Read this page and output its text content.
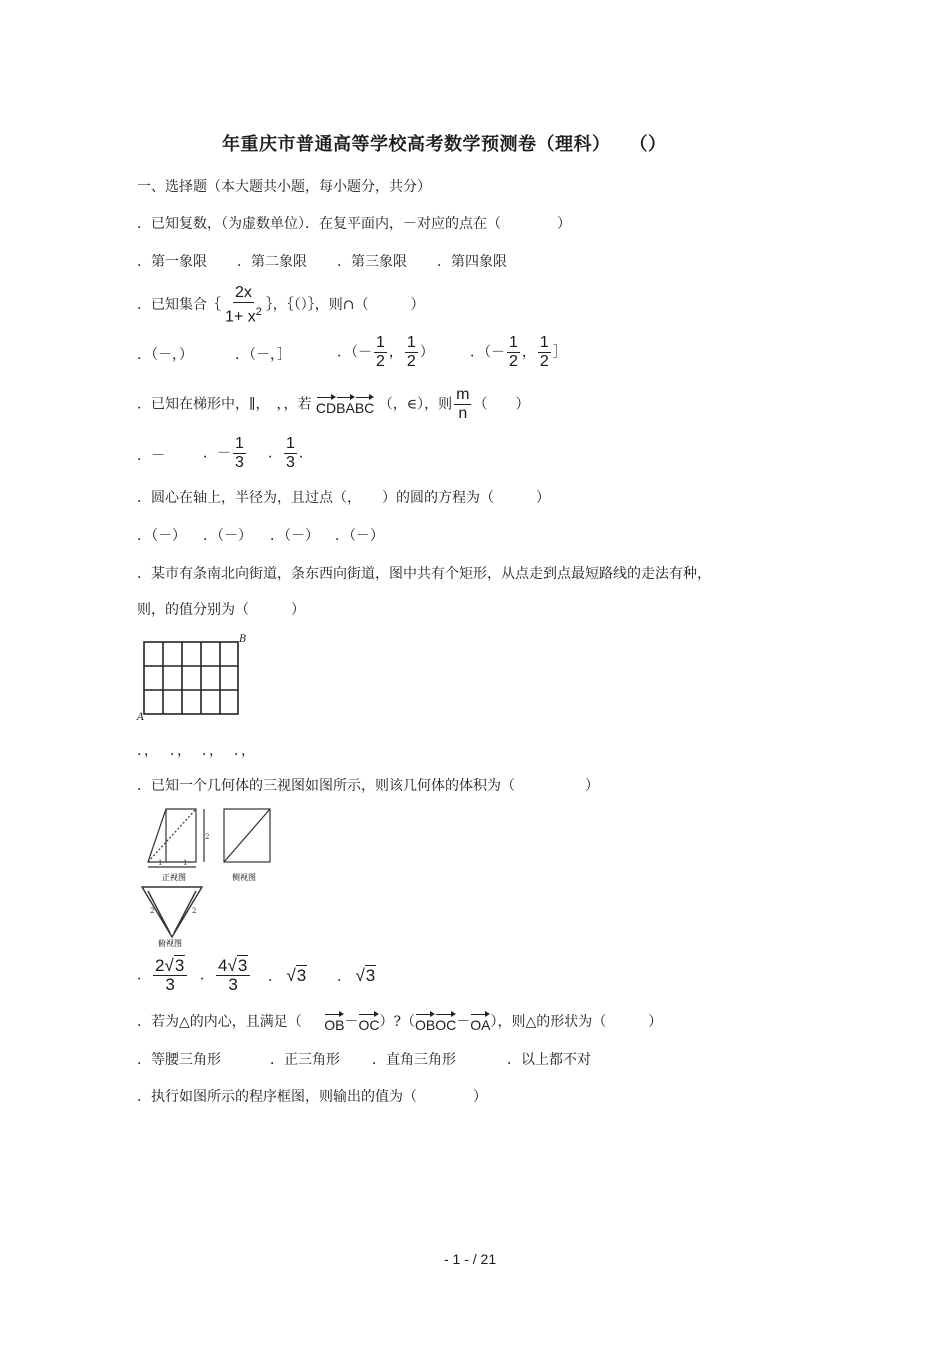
年重庆市普通高等学校高考数学预测卷（理科）　　（）
一、选择题（本大题共小题，每小题分，共分）
．已知复数，（为虚数单位）．在复平面内，－对应的点在（　　　　）
．第一象限 ．第二象限 ．第三象限 ．第四象限
．已知集合｛ $\frac{2x}{1+ x^2}$ ｝，｛（）｝，则∩（　　　）
．（－，）	．（－，］	．（－ $\frac{1}{2}$ ， $\frac{1}{2}$ ）	．（－ $\frac{1}{2}$ ， $\frac{1}{2}$ ］
．已知在梯形中，∥，　，，若 CDBABC （，∈），则 $\frac{m}{n}$ （　　）
．－	．－ $\frac{1}{3}$ ． $\frac{1}{3}$ .
．圆心在轴上，半径为，且过点（，　　）的圆的方程为（　　　）
．（－） ．（－） ．（－） ．（－）
．某市有条南北向街道，条东西向街道，图中共有个矩形，从点走到点最短路线的走法有种，
则，的值分别为（　　　）
A
B
．， ．， ．， ．，
．已知一个几何体的三视图如图所示，则该几何体的体积为（　　　　　）
2
1	1
正视图	侧视图
2	2
俯视图
． $\frac{2√3}{3}$ ． $\frac{4√3}{3}$ ． √3 ． √3
．若为△的内心，且满足（ OB－OC）?（OBOC－OA），则△的形状为（　　　）
．等腰三角形	．正三角形 ．直角三角形	．以上都不对
．执行如图所示的程序框图，则输出的值为（　　　　）
- 1 - / 21
